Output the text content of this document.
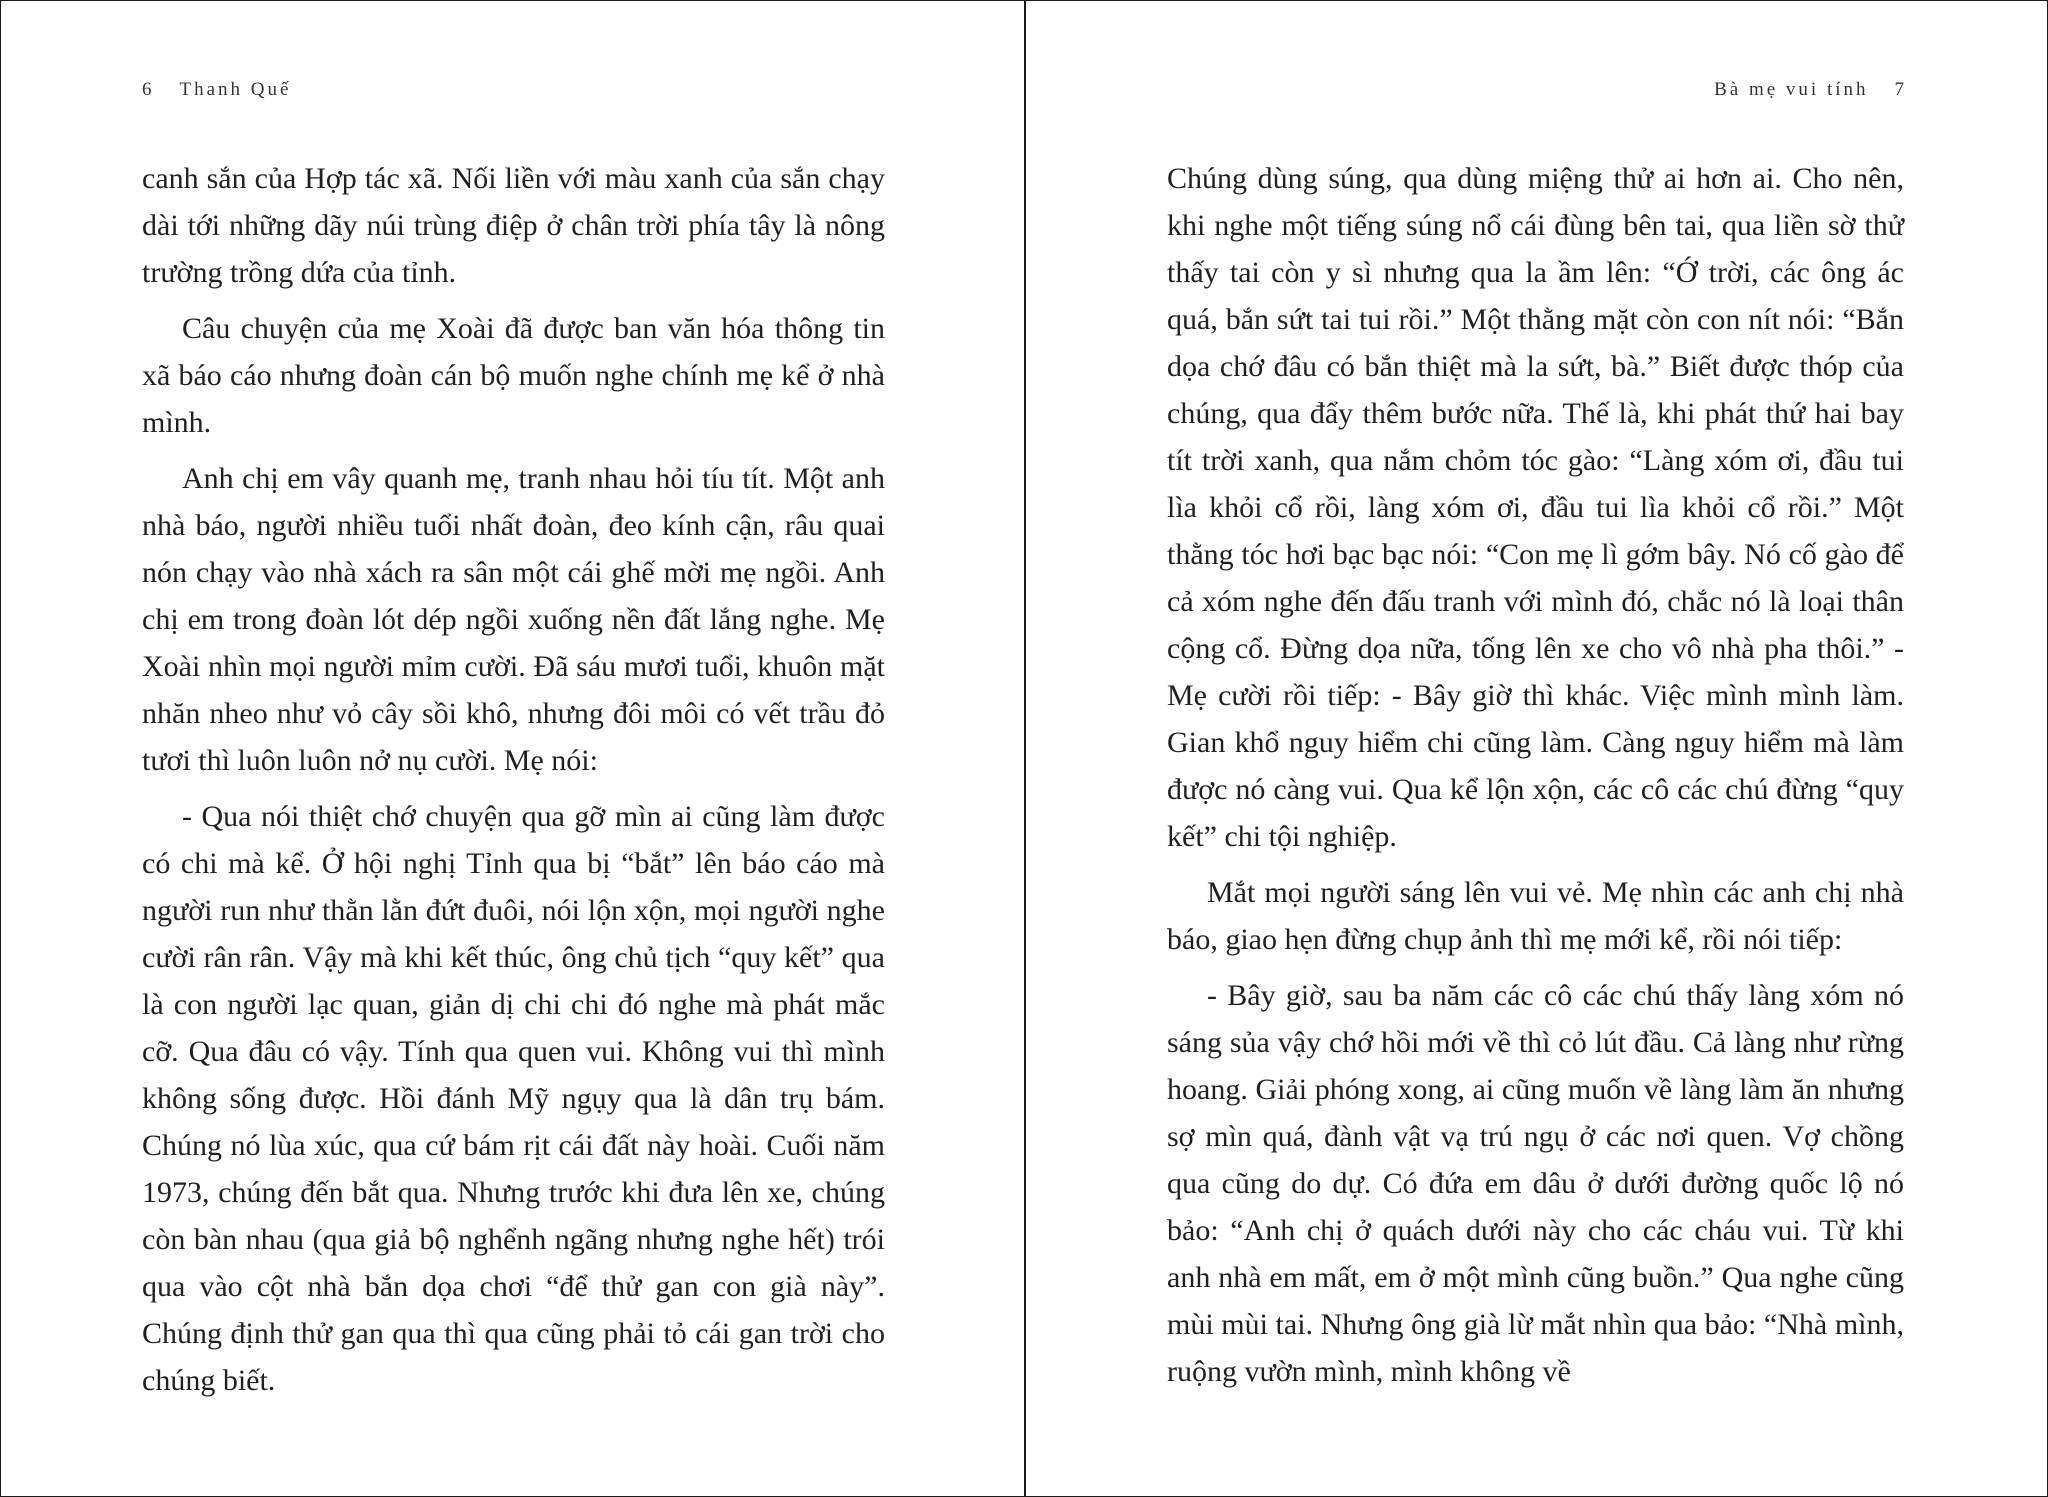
6 Thanh Quế

canh sắn của Hợp tác xã. Nối liền với màu xanh của sắn chạy dài tới những dãy núi trùng điệp ở chân trời phía tây là nông trường trồng dứa của tỉnh.

Câu chuyện của mẹ Xoài đã được ban văn hóa thông tin xã báo cáo nhưng đoàn cán bộ muốn nghe chính mẹ kể ở nhà mình.

Anh chị em vây quanh mẹ, tranh nhau hỏi tíu tít. Một anh nhà báo, người nhiều tuổi nhất đoàn, đeo kính cận, râu quai nón chạy vào nhà xách ra sân một cái ghế mời mẹ ngồi. Anh chị em trong đoàn lót dép ngồi xuống nền đất lắng nghe. Mẹ Xoài nhìn mọi người mỉm cười. Đã sáu mươi tuổi, khuôn mặt nhăn nheo như vỏ cây sồi khô, nhưng đôi môi có vết trầu đỏ tươi thì luôn luôn nở nụ cười. Mẹ nói:

- Qua nói thiệt chớ chuyện qua gỡ mìn ai cũng làm được có chi mà kể. Ở hội nghị Tỉnh qua bị “bắt” lên báo cáo mà người run như thằn lằn đứt đuôi, nói lộn xộn, mọi người nghe cười rân rân. Vậy mà khi kết thúc, ông chủ tịch “quy kết” qua là con người lạc quan, giản dị chi chi đó nghe mà phát mắc cỡ. Qua đâu có vậy. Tính qua quen vui. Không vui thì mình không sống được. Hồi đánh Mỹ ngụy qua là dân trụ bám. Chúng nó lùa xúc, qua cứ bám rịt cái đất này hoài. Cuối năm 1973, chúng đến bắt qua. Nhưng trước khi đưa lên xe, chúng còn bàn nhau (qua giả bộ nghểnh ngãng nhưng nghe hết) trói qua vào cột nhà bắn dọa chơi “để thử gan con già này”. Chúng định thử gan qua thì qua cũng phải tỏ cái gan trời cho chúng biết.

Bà mẹ vui tính 7

Chúng dùng súng, qua dùng miệng thử ai hơn ai. Cho nên, khi nghe một tiếng súng nổ cái đùng bên tai, qua liền sờ thử thấy tai còn y sì nhưng qua la ầm lên: “Ớ trời, các ông ác quá, bắn sứt tai tui rồi.” Một thằng mặt còn con nít nói: “Bắn dọa chớ đâu có bắn thiệt mà la sứt, bà.” Biết được thóp của chúng, qua đẩy thêm bước nữa. Thế là, khi phát thứ hai bay tít trời xanh, qua nắm chỏm tóc gào: “Làng xóm ơi, đầu tui lìa khỏi cổ rồi, làng xóm ơi, đầu tui lìa khỏi cổ rồi.” Một thằng tóc hơi bạc bạc nói: “Con mẹ lì gớm bây. Nó cố gào để cả xóm nghe đến đấu tranh với mình đó, chắc nó là loại thân cộng cổ. Đừng dọa nữa, tống lên xe cho vô nhà pha thôi.” - Mẹ cười rồi tiếp: - Bây giờ thì khác. Việc mình mình làm. Gian khổ nguy hiểm chi cũng làm. Càng nguy hiểm mà làm được nó càng vui. Qua kể lộn xộn, các cô các chú đừng “quy kết” chi tội nghiệp.

Mắt mọi người sáng lên vui vẻ. Mẹ nhìn các anh chị nhà báo, giao hẹn đừng chụp ảnh thì mẹ mới kể, rồi nói tiếp:

- Bây giờ, sau ba năm các cô các chú thấy làng xóm nó sáng sủa vậy chớ hồi mới về thì cỏ lút đầu. Cả làng như rừng hoang. Giải phóng xong, ai cũng muốn về làng làm ăn nhưng sợ mìn quá, đành vật vạ trú ngụ ở các nơi quen. Vợ chồng qua cũng do dự. Có đứa em dâu ở dưới đường quốc lộ nó bảo: “Anh chị ở quách dưới này cho các cháu vui. Từ khi anh nhà em mất, em ở một mình cũng buồn.” Qua nghe cũng mùi mùi tai. Nhưng ông già lừ mắt nhìn qua bảo: “Nhà mình, ruộng vườn mình, mình không về
